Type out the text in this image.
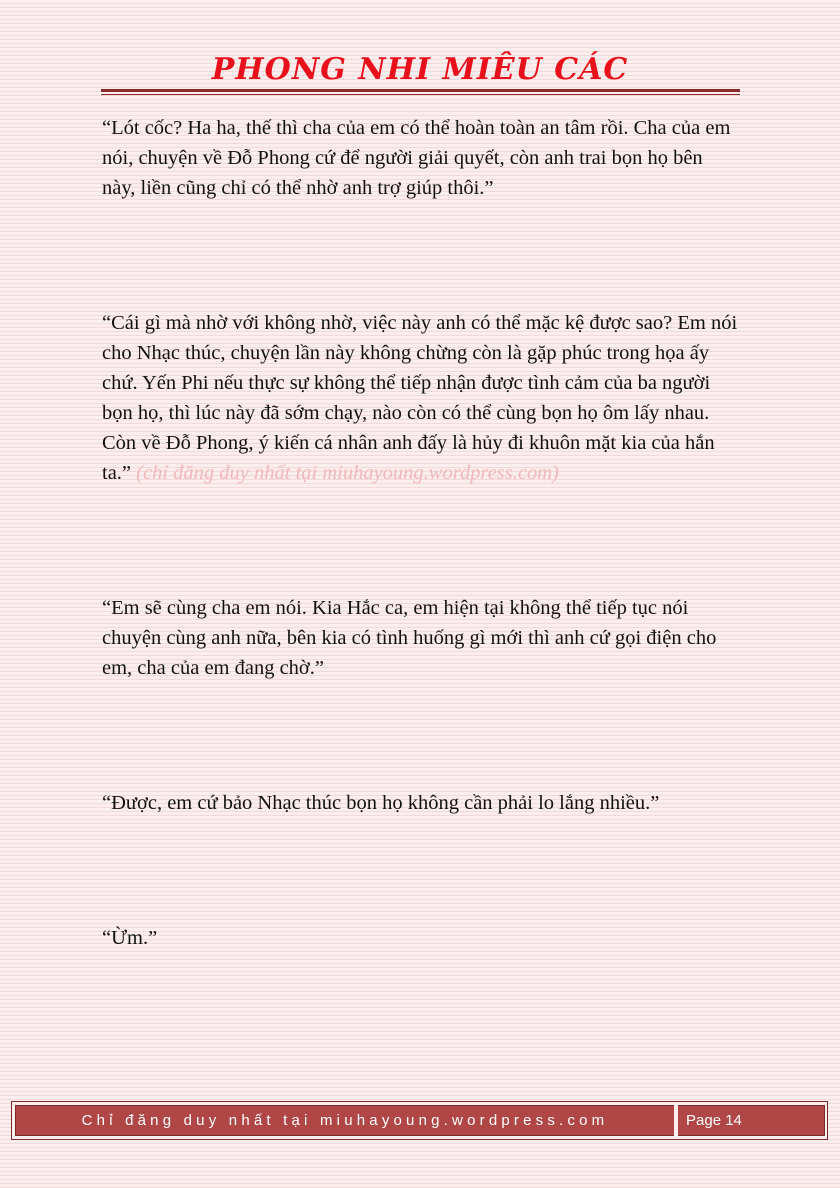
PHONG NHI MIÊU CÁC

“Lót cốc? Ha ha, thế thì cha của em có thể hoàn toàn an tâm rồi. Cha của em nói, chuyện về Đỗ Phong cứ để người giải quyết, còn anh trai bọn họ bên này, liền cũng chỉ có thể nhờ anh trợ giúp thôi.”

“Cái gì mà nhờ với không nhờ, việc này anh có thể mặc kệ được sao? Em nói cho Nhạc thúc, chuyện lần này không chừng còn là gặp phúc trong họa ấy chứ. Yến Phi nếu thực sự không thể tiếp nhận được tình cảm của ba người bọn họ, thì lúc này đã sớm chạy, nào còn có thể cùng bọn họ ôm lấy nhau. Còn về Đỗ Phong, ý kiến cá nhân anh đấy là hủy đi khuôn mặt kia của hắn ta.” (chỉ đăng duy nhất tại miuhayoung.wordpress.com)

“Em sẽ cùng cha em nói. Kia Hắc ca, em hiện tại không thể tiếp tục nói chuyện cùng anh nữa, bên kia có tình huống gì mới thì anh cứ gọi điện cho em, cha của em đang chờ.”

“Được, em cứ bảo Nhạc thúc bọn họ không cần phải lo lắng nhiều.”

“Ừm.”

Chỉ đăng duy nhất tại miuhayoung.wordpress.com	Page 14
